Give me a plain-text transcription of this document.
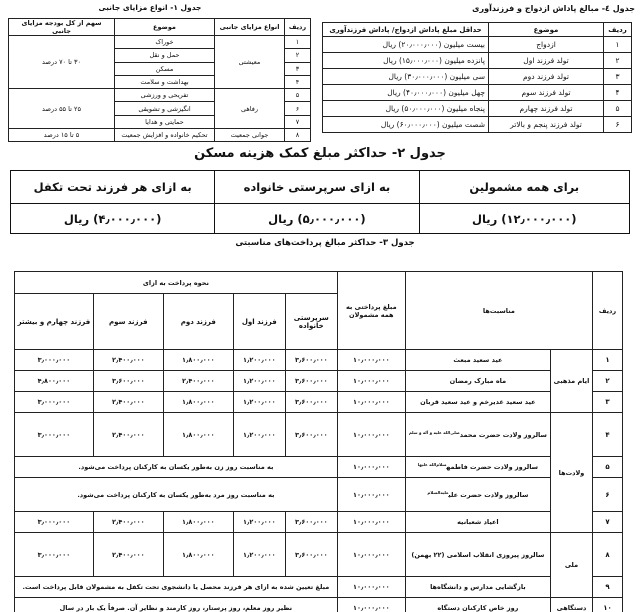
جدول ۱- انواع مزایای جانبی
ردیف	انواع مزایای جانبی	موضوع	سهم از کل بودجه مزایای جانبی
۱	معیشتی	خوراک	۳۰ تا ۷۰ درصد
۲		حمل و نقل	
۳		مسکن	
۴		بهداشت و سلامت	
۵	رفاهی	تفریحی و ورزشی	۲۵ تا ۵۵ درصد
۶		انگیزشی و تشویقی	
۷		حمایتی و هدایا	
۸	جوانی جمعیت	تحکیم خانواده و افزایش جمعیت	۵ تا ۱۵ درصد
جدول ٤- مبالغ پاداش ازدواج و فرزندآوری
ردیف	موضوع	حداقل مبلغ پاداش ازدواج/ پاداش فرزندآوری
۱	ازدواج	بیست میلیون (۲۰٫۰۰۰٫۰۰۰) ریال
۲	تولد فرزند اول	پانزده میلیون (۱۵٫۰۰۰٫۰۰۰) ریال
۳	تولد فرزند دوم	سی میلیون (۳۰٫۰۰۰٫۰۰۰) ریال
۴	تولد فرزند سوم	چهل میلیون (۴۰٫۰۰۰٫۰۰۰) ریال
۵	تولد فرزند چهارم	پنجاه میلیون (۵۰٫۰۰۰٫۰۰۰) ریال
۶	تولد فرزند پنجم و بالاتر	شصت میلیون (۶۰٫۰۰۰٫۰۰۰) ریال
جدول ۲- حداکثر مبلغ کمک هزینه مسکن
برای همه مشمولین	به ازای سرپرستی خانواده	به ازای هر فرزند تحت تکفل
(۱۲٫۰۰۰٫۰۰۰) ریال	(۵٫۰۰۰٫۰۰۰) ریال	(۴٫۰۰۰٫۰۰۰) ریال
جدول ۳- حداکثر مبالغ پرداخت‌های مناسبتی
ردیف	مناسبت‌ها		مبلغ پرداختی به همه مشمولان	نحوه پرداخت به ازای				
				سرپرستی خانواده	فرزند اول	فرزند دوم	فرزند سوم	فرزند چهارم و بیشتر
۱	ایام مذهبی	عید سعید مبعث	۱۰٫۰۰۰٫۰۰۰	۳٫۶۰۰٫۰۰۰	۱٫۲۰۰٫۰۰۰	۱٫۸۰۰٫۰۰۰	۲٫۴۰۰٫۰۰۰	۳٫۰۰۰٫۰۰۰
۲		ماه مبارک رمضان	۱۰٫۰۰۰٫۰۰۰	۳٫۶۰۰٫۰۰۰	۱٫۲۰۰٫۰۰۰	۲٫۴۰۰٫۰۰۰	۳٫۶۰۰٫۰۰۰	۴٫۸۰۰٫۰۰۰
۳		عید سعید غدیرخم و عید سعید قربان	۱۰٫۰۰۰٫۰۰۰	۳٫۶۰۰٫۰۰۰	۱٫۲۰۰٫۰۰۰	۱٫۸۰۰٫۰۰۰	۲٫۴۰۰٫۰۰۰	۳٫۰۰۰٫۰۰۰
۴	ولادت‌ها	سالروز ولادت حضرت محمد$^{صلی‌الله علیه و آله و سلم}$	۱۰٫۰۰۰٫۰۰۰	۳٫۶۰۰٫۰۰۰	۱٫۲۰۰٫۰۰۰	۱٫۸۰۰٫۰۰۰	۲٫۴۰۰٫۰۰۰	۳٫۰۰۰٫۰۰۰
۵		سالروز ولادت حضرت فاطمه$^{سلام‌الله علیها}$	۱۰٫۰۰۰٫۰۰۰	به مناسبت روز زن به‌طور یکسان به کارکنان پرداخت می‌شود.				
۶		سالروز ولادت حضرت علی$^{علیه‌السلام}$	۱۰٫۰۰۰٫۰۰۰	به مناسبت روز مرد به‌طور یکسان به کارکنان پرداخت می‌شود.				
۷		اعیاد شعبانیه	۱۰٫۰۰۰٫۰۰۰	۳٫۶۰۰٫۰۰۰	۱٫۲۰۰٫۰۰۰	۱٫۸۰۰٫۰۰۰	۲٫۴۰۰٫۰۰۰	۳٫۰۰۰٫۰۰۰
۸	ملی	سالروز پیروزی انقلاب اسلامی (۲۲ بهمن)	۱۰٫۰۰۰٫۰۰۰	۳٫۶۰۰٫۰۰۰	۱٫۲۰۰٫۰۰۰	۱٫۸۰۰٫۰۰۰	۲٫۴۰۰٫۰۰۰	۳٫۰۰۰٫۰۰۰
۹		بازگشایی مدارس و دانشگاه‌ها	۱۰٫۰۰۰٫۰۰۰	مبلغ تعیین شده به ازای هر فرزند محصل یا دانشجوی تحت تکفل به مشمولان قابل پرداخت است.				
۱۰	دستگاهی	روز خاص کارکنان دستگاه	۱۰٫۰۰۰٫۰۰۰	نظیر روز معلم، روز پرستار، روز کارمند و نظایر آن. صرفاً یک بار در سال				
